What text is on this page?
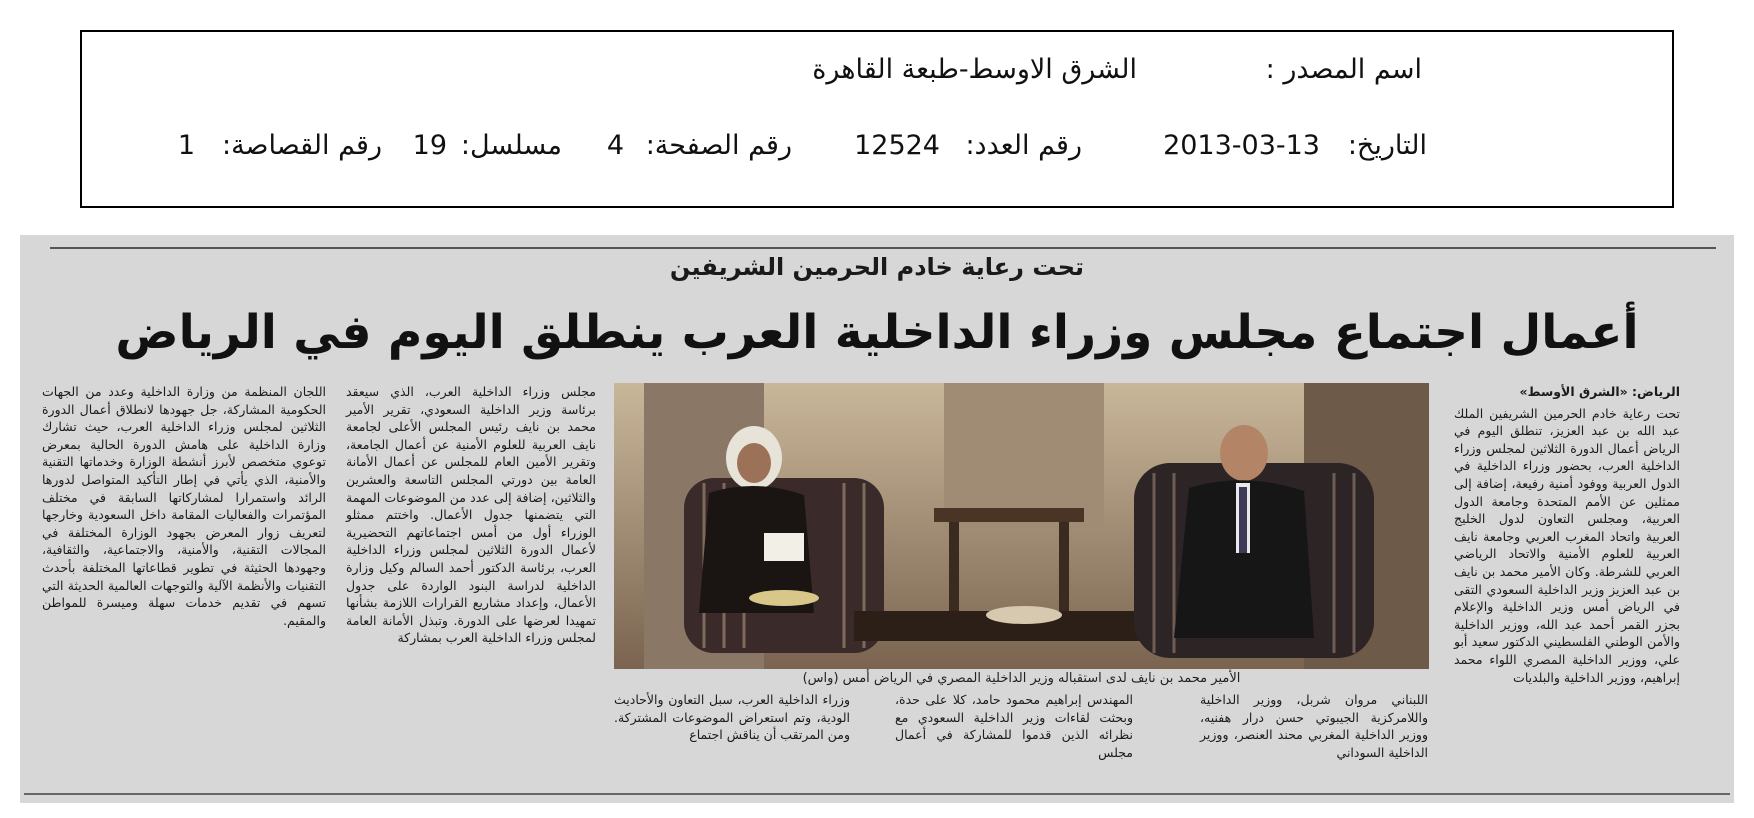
اسم المصدر :
الشرق الاوسط-طبعة القاهرة
التاريخ:
2013-03-13
رقم العدد:
12524
رقم الصفحة:
4
مسلسل:
19
رقم القصاصة:
1
تحت رعاية خادم الحرمين الشريفين
أعمال اجتماع مجلس وزراء الداخلية العرب ينطلق اليوم في الرياض
الرياض: «الشرق الأوسط»
تحت رعاية خادم الحرمين الشريفين الملك عبد الله بن عبد العزيز، تنطلق اليوم في الرياض أعمال الدورة الثلاثين لمجلس وزراء الداخلية العرب، بحضور وزراء الداخلية في الدول العربية ووفود أمنية رفيعة، إضافة إلى ممثلين عن الأمم المتحدة وجامعة الدول العربية، ومجلس التعاون لدول الخليج العربية واتحاد المغرب العربي وجامعة نايف العربية للعلوم الأمنية والاتحاد الرياضي العربي للشرطة. وكان الأمير محمد بن نايف بن عبد العزيز وزير الداخلية السعودي التقى في الرياض أمس وزير الداخلية والإعلام بجزر القمر أحمد عبد الله، ووزير الداخلية والأمن الوطني الفلسطيني الدكتور سعيد أبو علي، ووزير الداخلية المصري اللواء محمد إبراهيم، ووزير الداخلية والبلديات
الأمير محمد بن نايف لدى استقباله وزير الداخلية المصري في الرياض أمس (واس)
اللبناني مروان شربل، ووزير الداخلية واللامركزية الجيبوتي حسن درار هفنيه، ووزير الداخلية المغربي محند العنصر، ووزير الداخلية السوداني
المهندس إبراهيم محمود حامد، كلا على حدة، وبحثت لقاءات وزير الداخلية السعودي مع نظرائه الذين قدموا للمشاركة في أعمال مجلس
وزراء الداخلية العرب، سبل التعاون والأحاديث الودية، وتم استعراض الموضوعات المشتركة. ومن المرتقب أن يناقش اجتماع
مجلس وزراء الداخلية العرب، الذي سيعقد برئاسة وزير الداخلية السعودي، تقرير الأمير محمد بن نايف رئيس المجلس الأعلى لجامعة نايف العربية للعلوم الأمنية عن أعمال الجامعة، وتقرير الأمين العام للمجلس عن أعمال الأمانة العامة بين دورتي المجلس التاسعة والعشرين والثلاثين، إضافة إلى عدد من الموضوعات المهمة التي يتضمنها جدول الأعمال. واختتم ممثلو الوزراء أول من أمس اجتماعاتهم التحضيرية لأعمال الدورة الثلاثين لمجلس وزراء الداخلية العرب، برئاسة الدكتور أحمد السالم وكيل وزارة الداخلية لدراسة البنود الواردة على جدول الأعمال، وإعداد مشاريع القرارات اللازمة بشأنها تمهيدا لعرضها على الدورة. وتبذل الأمانة العامة لمجلس وزراء الداخلية العرب بمشاركة
اللجان المنظمة من وزارة الداخلية وعدد من الجهات الحكومية المشاركة، جل جهودها لانطلاق أعمال الدورة الثلاثين لمجلس وزراء الداخلية العرب، حيث تشارك وزارة الداخلية على هامش الدورة الحالية بمعرض توعوي متخصص لأبرز أنشطة الوزارة وخدماتها التقنية والأمنية، الذي يأتي في إطار التأكيد المتواصل لدورها الرائد واستمرارا لمشاركاتها السابقة في مختلف المؤتمرات والفعاليات المقامة داخل السعودية وخارجها لتعريف زوار المعرض بجهود الوزارة المختلفة في المجالات التقنية، والأمنية، والاجتماعية، والثقافية، وجهودها الحثيثة في تطوير قطاعاتها المختلفة بأحدث التقنيات والأنظمة الآلية والتوجهات العالمية الحديثة التي تسهم في تقديم خدمات سهلة وميسرة للمواطن والمقيم.
